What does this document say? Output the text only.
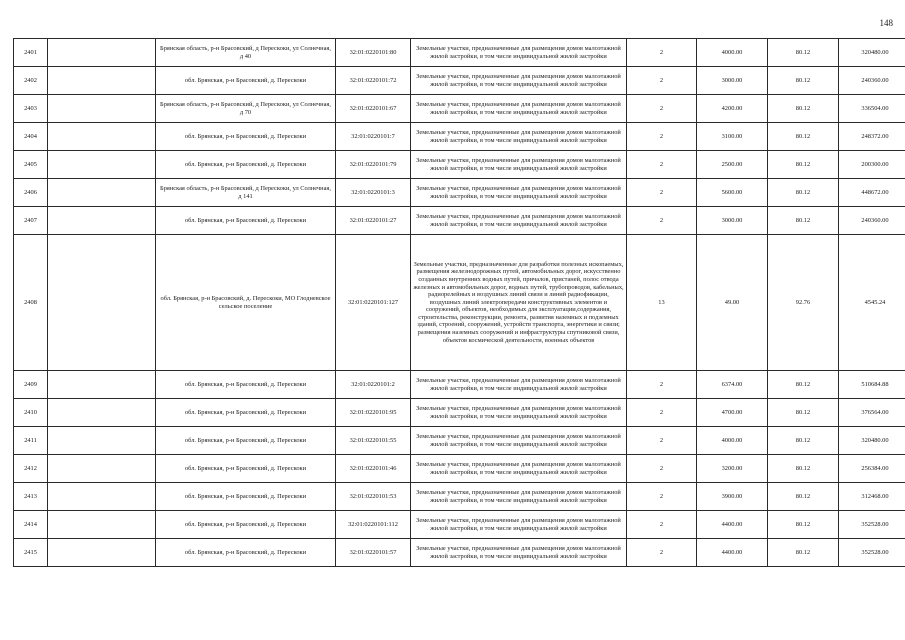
148
2401		Брянская область, р-н Брасовский, д Перескоки, ул Солнечная, д 40	32:01:0220101:80	Земельные участки, предназначенные для размещения домов малоэтажной жилой застройки, в том числе индивидуальной жилой застройки	2	4000.00	80.12	320480.00
2402		обл. Брянская, р-н Брасовский, д. Перескоки	32:01:0220101:72	Земельные участки, предназначенные для размещения домов малоэтажной жилой застройки, в том числе индивидуальной жилой застройки	2	3000.00	80.12	240360.00
2403		Брянская область, р-н Брасовский, д Перескоки, ул Солнечная, д 70	32:01:0220101:67	Земельные участки, предназначенные для размещения домов малоэтажной жилой застройки, в том числе индивидуальной жилой застройки	2	4200.00	80.12	336504.00
2404		обл. Брянская, р-н Брасовский, д. Перескоки	32:01:0220101:7	Земельные участки, предназначенные для размещения домов малоэтажной жилой застройки, в том числе индивидуальной жилой застройки	2	3100.00	80.12	248372.00
2405		обл. Брянская, р-н Брасовский, д. Перескоки	32:01:0220101:79	Земельные участки, предназначенные для размещения домов малоэтажной жилой застройки, в том числе индивидуальной жилой застройки	2	2500.00	80.12	200300.00
2406		Брянская область, р-н Брасовский, д Перескоки, ул Солнечная, д 141	32:01:0220101:3	Земельные участки, предназначенные для размещения домов малоэтажной жилой застройки, в том числе индивидуальной жилой застройки	2	5600.00	80.12	448672.00
2407		обл. Брянская, р-н Брасовский, д. Перескоки	32:01:0220101:27	Земельные участки, предназначенные для размещения домов малоэтажной жилой застройки, в том числе индивидуальной жилой застройки	2	3000.00	80.12	240360.00
2408		обл. Брянская, р-н Брасовский, д. Перескоки, МО Глодневское сельское поселение	32:01:0220101:127	Земельные участки, предназначенные для разработки полезных ископаемых, размещения железнодорожных путей, автомобильных дорог, искусственно созданных внутренних водных путей, причалов, пристаней, полос отвода железных и автомобильных дорог, водных путей, трубопроводов, кабельных, радиорелейных и воздушных линий связи и линий радиофикации, воздушных линий электропередачи конструктивных элементов и сооружений, объектов, необходимых для эксплуатации,содержания, строительства, реконструкции, ремонта, развития наземных и подземных зданий, строений, сооружений, устройств транспорта, энергетики и связи; размещения наземных сооружений и инфраструктуры спутниковой связи, объектов космической деятельности, военных объектов	13	49.00	92.76	4545.24
2409		обл. Брянская, р-н Брасовский, д. Перескоки	32:01:0220101:2	Земельные участки, предназначенные для размещения домов малоэтажной жилой застройки, в том числе индивидуальной жилой застройки	2	6374.00	80.12	510684.88
2410		обл. Брянская, р-н Брасовский, д. Перескоки	32:01:0220101:95	Земельные участки, предназначенные для размещения домов малоэтажной жилой застройки, в том числе индивидуальной жилой застройки	2	4700.00	80.12	376564.00
2411		обл. Брянская, р-н Брасовский, д. Перескоки	32:01:0220101:55	Земельные участки, предназначенные для размещения домов малоэтажной жилой застройки, в том числе индивидуальной жилой застройки	2	4000.00	80.12	320480.00
2412		обл. Брянская, р-н Брасовский, д. Перескоки	32:01:0220101:46	Земельные участки, предназначенные для размещения домов малоэтажной жилой застройки, в том числе индивидуальной жилой застройки	2	3200.00	80.12	256384.00
2413		обл. Брянская, р-н Брасовский, д. Перескоки	32:01:0220101:53	Земельные участки, предназначенные для размещения домов малоэтажной жилой застройки, в том числе индивидуальной жилой застройки	2	3900.00	80.12	312468.00
2414		обл. Брянская, р-н Брасовский, д. Перескоки	32:01:0220101:112	Земельные участки, предназначенные для размещения домов малоэтажной жилой застройки, в том числе индивидуальной жилой застройки	2	4400.00	80.12	352528.00
2415		обл. Брянская, р-н Брасовский, д. Перескоки	32:01:0220101:57	Земельные участки, предназначенные для размещения домов малоэтажной жилой застройки, в том числе индивидуальной жилой застройки	2	4400.00	80.12	352528.00
